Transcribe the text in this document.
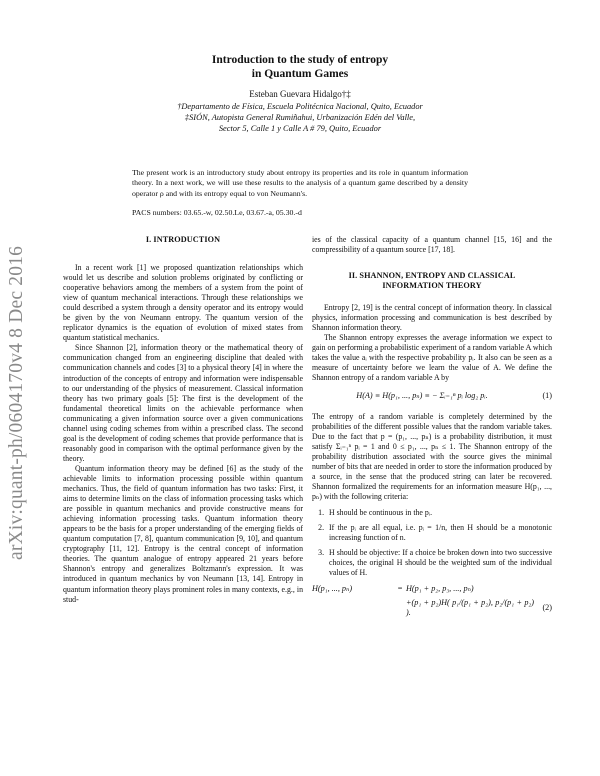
arXiv:quant-ph/0604170v4 8 Dec 2016
Introduction to the study of entropy
in Quantum Games
Esteban Guevara Hidalgo†‡
†Departamento de Física, Escuela Politécnica Nacional, Quito, Ecuador
‡SIÓN, Autopista General Rumiñahui, Urbanización Edén del Valle,
Sector 5, Calle 1 y Calle A # 79, Quito, Ecuador
The present work is an introductory study about entropy its properties and its role in quantum information theory. In a next work, we will use these results to the analysis of a quantum game described by a density operator ρ and with its entropy equal to von Neumann's.
PACS numbers: 03.65.-w, 02.50.Le, 03.67.-a, 05.30.-d
I. INTRODUCTION

In a recent work [1] we proposed quantization relationships which would let us describe and solution problems originated by conflicting or cooperative behaviors among the members of a system from the point of view of quantum mechanical interactions. Through these relationships we could described a system through a density operator and its entropy would be given by the von Neumann entropy. The quantum version of the replicator dynamics is the equation of evolution of mixed states from quantum statistical mechanics.

Since Shannon [2], information theory or the mathematical theory of communication changed from an engineering discipline that dealed with communication channels and codes [3] to a physical theory [4] in where the introduction of the concepts of entropy and information were indispensable to our understanding of the physics of measurement. Classical information theory has two primary goals [5]: The first is the development of the fundamental theoretical limits on the achievable performance when communicating a given information source over a given communications channel using coding schemes from within a prescribed class. The second goal is the development of coding schemes that provide performance that is reasonably good in comparison with the optimal performance given by the theory.

Quantum information theory may be defined [6] as the study of the achievable limits to information processing possible within quantum mechanics. Thus, the field of quantum information has two tasks: First, it aims to determine limits on the class of information processing tasks which are possible in quantum mechanics and provide constructive means for achieving information processing tasks. Quantum information theory appears to be the basis for a proper understanding of the emerging fields of quantum computation [7, 8], quantum communication [9, 10], and quantum cryptography [11, 12]. Entropy is the central concept of information theories. The quantum analogue of entropy appeared 21 years before Shannon's entropy and generalizes Boltzmann's expression. It was introduced in quantum mechanics by von Neumann [13, 14]. Entropy in quantum information theory plays prominent roles in many contexts, e.g., in stud-

ies of the classical capacity of a quantum channel [15, 16] and the compressibility of a quantum source [17, 18].

II. SHANNON, ENTROPY AND CLASSICAL
INFORMATION THEORY

Entropy [2, 19] is the central concept of information theory. In classical physics, information processing and communication is best described by Shannon information theory.

The Shannon entropy expresses the average information we expect to gain on performing a probabilistic experiment of a random variable A which takes the value aᵢ with the respective probability pᵢ. It also can be seen as a measure of uncertainty before we learn the value of A. We define the Shannon entropy of a random variable A by

H(A) ≡ H(p₁, ..., pₙ) ≡ − Σᵢ₌₁ⁿ pᵢ log₂ pᵢ.	(1)

The entropy of a random variable is completely determined by the probabilities of the different possible values that the random variable takes. Due to the fact that p = (p₁, ..., pₙ) is a probability distribution, it must satisfy Σᵢ₌₁ⁿ pᵢ = 1 and 0 ≤ p₁, ..., pₙ ≤ 1. The Shannon entropy of the probability distribution associated with the source gives the minimal number of bits that are needed in order to store the information produced by a source, in the sense that the produced string can later be recovered. Shannon formalized the requirements for an information measure H(p₁, ..., pₙ) with the following criteria:

1. H should be continuous in the pᵢ.
2. If the pᵢ are all equal, i.e. pᵢ = 1/n, then H should be a monotonic increasing function of n.
3. H should be objective: If a choice be broken down into two successive choices, the original H should be the weighted sum of the individual values of H.
H(p₁, ..., pₙ)	= H(p₁ + p₂, p₃, ..., pₙ)
+(p₁ + p₂)H( p₁/(p₁ + p₂), p₂/(p₁ + p₂) ).
(2)
